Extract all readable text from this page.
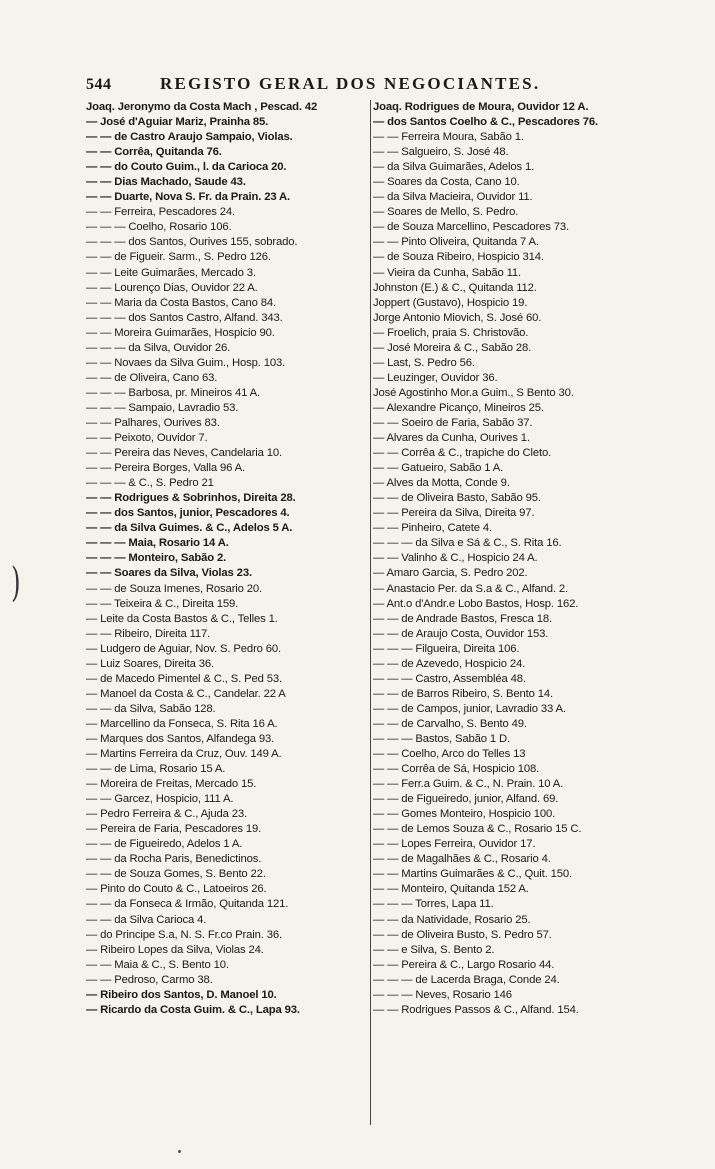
544	REGISTO GERAL DOS NEGOCIANTES.
Joaq. Jeronymo da Costa Mach , Pescad. 42
— José d'Aguiar Mariz, Prainha 85.
— — de Castro Araujo Sampaio, Violas.
— — Corrêa, Quitanda 76.
— — do Couto Guim., l. da Carioca 20.
— — Dias Machado, Saude 43.
— — Duarte, Nova S. Fr. da Prain. 23 A.
— — Ferreira, Pescadores 24.
— — — Coelho, Rosario 106.
— — — dos Santos, Ourives 155, sobrado.
— — de Figueir. Sarm., S. Pedro 126.
— — Leite Guimarães, Mercado 3.
— — Lourenço Dias, Ouvidor 22 A.
— — Maria da Costa Bastos, Cano 84.
— — — dos Santos Castro, Alfand. 343.
— — Moreira Guimarães, Hospicio 90.
— — — da Silva, Ouvidor 26.
— — Novaes da Silva Guim., Hosp. 103.
— — de Oliveira, Cano 63.
— — — Barbosa, pr. Mineiros 41 A.
— — — Sampaio, Lavradio 53.
— — Palhares, Ourives 83.
— — Peixoto, Ouvidor 7.
— — Pereira das Neves, Candelaria 10.
— — Pereira Borges, Valla 96 A.
— — — & C., S. Pedro 21
— — Rodrigues & Sobrinhos, Direita 28.
— — dos Santos, junior, Pescadores 4.
— — da Silva Guimes. & C., Adelos 5 A.
— — — Maia, Rosario 14 A.
— — — Monteiro, Sabão 2.
— — Soares da Silva, Violas 23.
— — de Souza Imenes, Rosario 20.
— — Teixeira & C., Direita 159.
— Leite da Costa Bastos & C., Telles 1.
— — Ribeiro, Direita 117.
— Ludgero de Aguiar, Nov. S. Pedro 60.
— Luiz Soares, Direita 36.
— de Macedo Pimentel & C., S. Ped 53.
— Manoel da Costa & C., Candelar. 22 A
— — da Silva, Sabão 128.
— Marcellino da Fonseca, S. Rita 16 A.
— Marques dos Santos, Alfandega 93.
— Martins Ferreira da Cruz, Ouv. 149 A.
— — de Lima, Rosario 15 A.
— Moreira de Freitas, Mercado 15.
— — Garcez, Hospicio, 111 A.
— Pedro Ferreira & C., Ajuda 23.
— Pereira de Faria, Pescadores 19.
— — de Figueiredo, Adelos 1 A.
— — da Rocha Paris, Benedictinos.
— — de Souza Gomes, S. Bento 22.
— Pinto do Couto & C., Latoeiros 26.
— — da Fonseca & Irmão, Quitanda 121.
— — da Silva Carioca 4.
— do Principe S.a, N. S. Fr.co Prain. 36.
— Ribeiro Lopes da Silva, Violas 24.
— — Maia & C., S. Bento 10.
— — Pedroso, Carmo 38.
— Ribeiro dos Santos, D. Manoel 10.
— Ricardo da Costa Guim. & C., Lapa 93.
Joaq. Rodrigues de Moura, Ouvidor 12 A.
— dos Santos Coelho & C., Pescadores 76.
— — Ferreira Moura, Sabão 1.
— — Salgueiro, S. José 48.
— da Silva Guimarães, Adelos 1.
— Soares da Costa, Cano 10.
— da Silva Macieira, Ouvidor 11.
— Soares de Mello, S. Pedro.
— de Souza Marcellino, Pescadores 73.
— — Pinto Oliveira, Quitanda 7 A.
— de Souza Ribeiro, Hospicio 314.
— Vieira da Cunha, Sabão 11.
Johnston (E.) & C., Quitanda 112.
Joppert (Gustavo), Hospicio 19.
Jorge Antonio Miovich, S. José 60.
— Froelich, praia S. Christovão.
— José Moreira & C., Sabão 28.
— Last, S. Pedro 56.
— Leuzinger, Ouvidor 36.
José Agostinho Mor.a Guim., S Bento 30.
— Alexandre Picanço, Mineiros 25.
— — Soeiro de Faria, Sabão 37.
— Alvares da Cunha, Ourives 1.
— — Corrêa & C., trapiche do Cleto.
— — Gatueiro, Sabão 1 A.
— Alves da Motta, Conde 9.
— — de Oliveira Basto, Sabão 95.
— — Pereira da Silva, Direita 97.
— — Pinheiro, Catete 4.
— — — da Silva e Sá & C., S. Rita 16.
— — Valinho & C., Hospicio 24 A.
— Amaro Garcia, S. Pedro 202.
— Anastacio Per. da S.a & C., Alfand. 2.
— Ant.o d'Andr.e Lobo Bastos, Hosp. 162.
— — de Andrade Bastos, Fresca 18.
— — de Araujo Costa, Ouvidor 153.
— — — Filgueira, Direita 106.
— — de Azevedo, Hospicio 24.
— — — Castro, Assembléa 48.
— — de Barros Ribeiro, S. Bento 14.
— — de Campos, junior, Lavradio 33 A.
— — de Carvalho, S. Bento 49.
— — — Bastos, Sabão 1 D.
— — Coelho, Arco do Telles 13
— — Corrêa de Sá, Hospicio 108.
— — Ferr.a Guim. & C., N. Prain. 10 A.
— — de Figueiredo, junior, Alfand. 69.
— — Gomes Monteiro, Hospicio 100.
— — de Lemos Souza & C., Rosario 15 C.
— — Lopes Ferreira, Ouvidor 17.
— — de Magalhães & C., Rosario 4.
— — Martins Guimarães & C., Quit. 150.
— — Monteiro, Quitanda 152 A.
— — — Torres, Lapa 11.
— — da Natividade, Rosario 25.
— — de Oliveira Busto, S. Pedro 57.
— — e Silva, S. Bento 2.
— — Pereira & C., Largo Rosario 44.
— — — de Lacerda Braga, Conde 24.
— — — Neves, Rosario 146
— — Rodrigues Passos & C., Alfand. 154.
)
